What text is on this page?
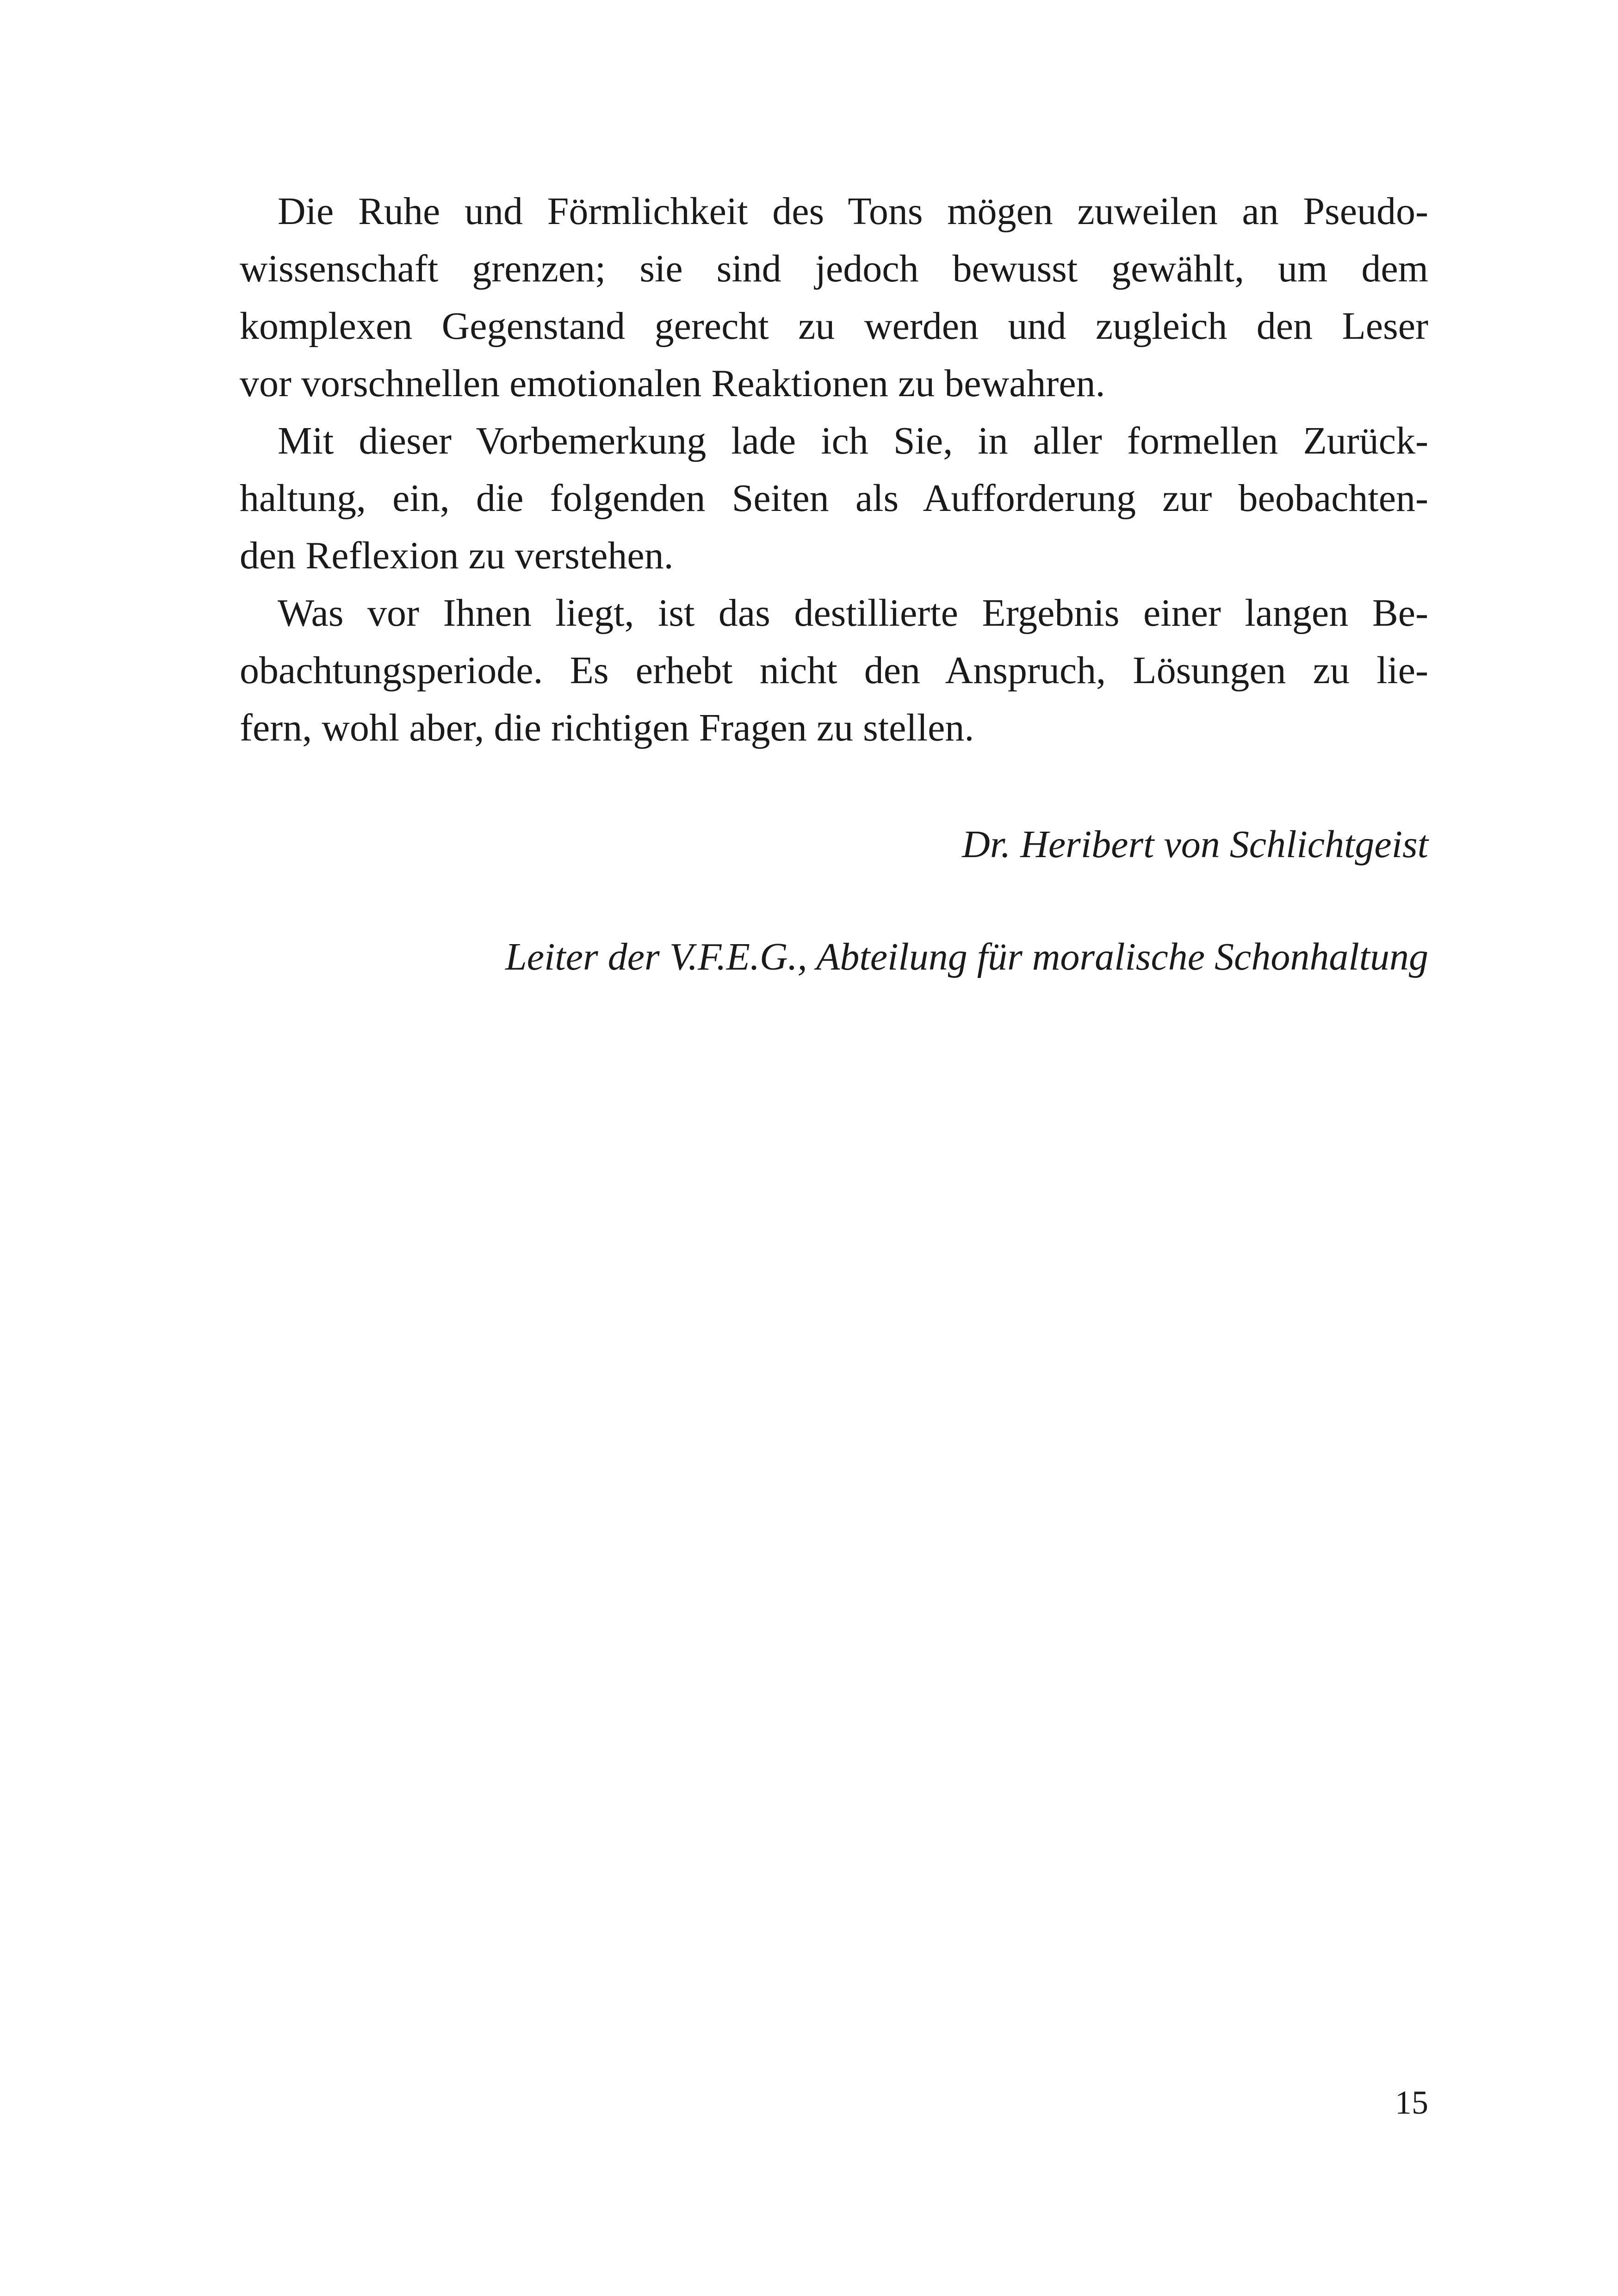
Die Ruhe und Förmlichkeit des Tons mögen zuweilen an Pseudo-
wissenschaft grenzen; sie sind jedoch bewusst gewählt, um dem
komplexen Gegenstand gerecht zu werden und zugleich den Leser
vor vorschnellen emotionalen Reaktionen zu bewahren.
Mit dieser Vorbemerkung lade ich Sie, in aller formellen Zurück-
haltung, ein, die folgenden Seiten als Aufforderung zur beobachten-
den Reflexion zu verstehen.
Was vor Ihnen liegt, ist das destillierte Ergebnis einer langen Be-
obachtungsperiode. Es erhebt nicht den Anspruch, Lösungen zu lie-
fern, wohl aber, die richtigen Fragen zu stellen.
Dr. Heribert von Schlichtgeist
Leiter der V.F.E.G., Abteilung für moralische Schonhaltung
15
